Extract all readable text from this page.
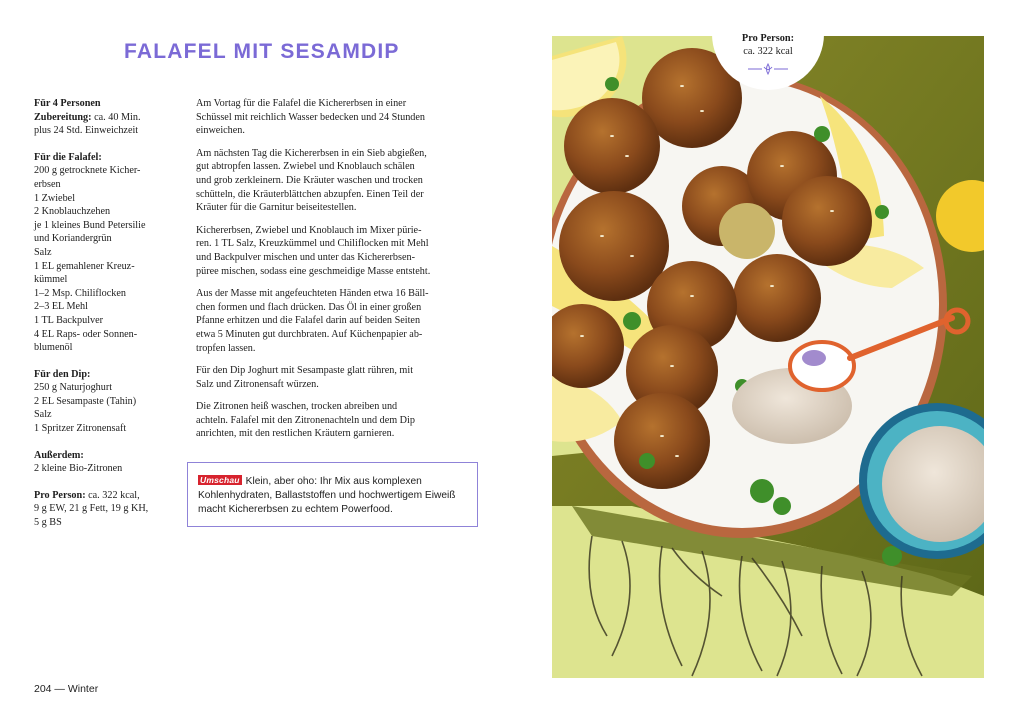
FALAFEL MIT SESAMDIP
Für 4 Personen
Zubereitung: ca. 40 Min.
plus 24 Std. Einweichzeit
Für die Falafel:
200 g getrocknete Kicher-
erbsen
1 Zwiebel
2 Knoblauchzehen
je 1 kleines Bund Petersilie
und Koriandergrün
Salz
1 EL gemahlener Kreuz-
kümmel
1–2 Msp. Chiliflocken
2–3 EL Mehl
1 TL Backpulver
4 EL Raps- oder Sonnen-
blumenöl
Für den Dip:
250 g Naturjoghurt
2 EL Sesampaste (Tahin)
Salz
1 Spritzer Zitronensaft
Außerdem:
2 kleine Bio-Zitronen
Pro Person: ca. 322 kcal,
9 g EW, 21 g Fett, 19 g KH,
5 g BS

Am Vortag für die Falafel die Kichererbsen in einer
Schüssel mit reichlich Wasser bedecken und 24 Stunden
einweichen.

Am nächsten Tag die Kichererbsen in ein Sieb abgießen,
gut abtropfen lassen. Zwiebel und Knoblauch schälen
und grob zerkleinern. Die Kräuter waschen und trocken
schütteln, die Kräuterblättchen abzupfen. Einen Teil der
Kräuter für die Garnitur beiseitestellen.

Kichererbsen, Zwiebel und Knoblauch im Mixer pürie-
ren. 1 TL Salz, Kreuzkümmel und Chiliflocken mit Mehl
und Backpulver mischen und unter das Kichererbsen-
püree mischen, sodass eine geschmeidige Masse entsteht.

Aus der Masse mit angefeuchteten Händen etwa 16 Bäll-
chen formen und flach drücken. Das Öl in einer großen
Pfanne erhitzen und die Falafel darin auf beiden Seiten
etwa 5 Minuten gut durchbraten. Auf Küchenpapier ab-
tropfen lassen.

Für den Dip Joghurt mit Sesampaste glatt rühren, mit
Salz und Zitronensaft würzen.

Die Zitronen heiß waschen, trocken abreiben und
achteln. Falafel mit den Zitronenachteln und dem Dip
anrichten, mit den restlichen Kräutern garnieren.

Umschau Klein, aber oho: Ihr Mix aus komplexen
Kohlenhydraten, Ballaststoffen und hochwertigem Eiweiß
macht Kichererbsen zu echtem Powerfood.
204 — Winter
Pro Person:
ca. 322 kcal
